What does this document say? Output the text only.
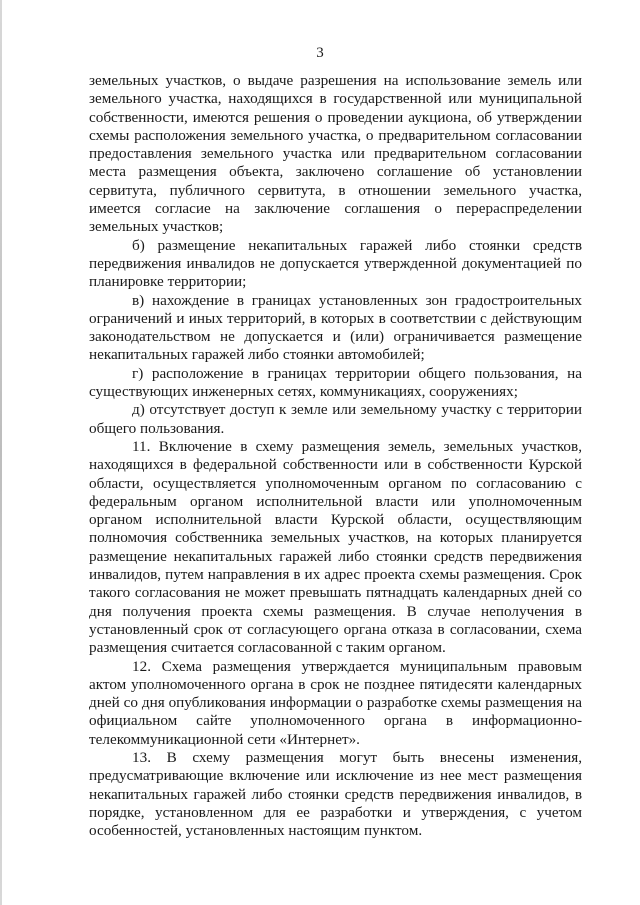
3

земельных участков, о выдаче разрешения на использование земель или земельного участка, находящихся в государственной или муниципальной собственности, имеются решения о проведении аукциона, об утверждении схемы расположения земельного участка, о предварительном согласовании предоставления земельного участка или предварительном согласовании места размещения объекта, заключено соглашение об установлении сервитута, публичного сервитута, в отношении земельного участка, имеется согласие на заключение соглашения о перераспределении земельных участков;

б) размещение некапитальных гаражей либо стоянки средств передвижения инвалидов не допускается утвержденной документацией по планировке территории;

в) нахождение в границах установленных зон градостроительных ограничений и иных территорий, в которых в соответствии с действующим законодательством не допускается и (или) ограничивается размещение некапитальных гаражей либо стоянки автомобилей;

г) расположение в границах территории общего пользования, на существующих инженерных сетях, коммуникациях, сооружениях;

д) отсутствует доступ к земле или земельному участку с территории общего пользования.

11. Включение в схему размещения земель, земельных участков, находящихся в федеральной собственности или в собственности Курской области, осуществляется уполномоченным органом по согласованию с федеральным органом исполнительной власти или уполномоченным органом исполнительной власти Курской области, осуществляющим полномочия собственника земельных участков, на которых планируется размещение некапитальных гаражей либо стоянки средств передвижения инвалидов, путем направления в их адрес проекта схемы размещения. Срок такого согласования не может превышать пятнадцать календарных дней со дня получения проекта схемы размещения. В случае неполучения в установленный срок от согласующего органа отказа в согласовании, схема размещения считается согласованной с таким органом.

12. Схема размещения утверждается муниципальным правовым актом уполномоченного органа в срок не позднее пятидесяти календарных дней со дня опубликования информации о разработке схемы размещения на официальном сайте уполномоченного органа в информационно-телекоммуникационной сети «Интернет».

13. В схему размещения могут быть внесены изменения, предусматривающие включение или исключение из нее мест размещения некапитальных гаражей либо стоянки средств передвижения инвалидов, в порядке, установленном для ее разработки и утверждения, с учетом особенностей, установленных настоящим пунктом.
